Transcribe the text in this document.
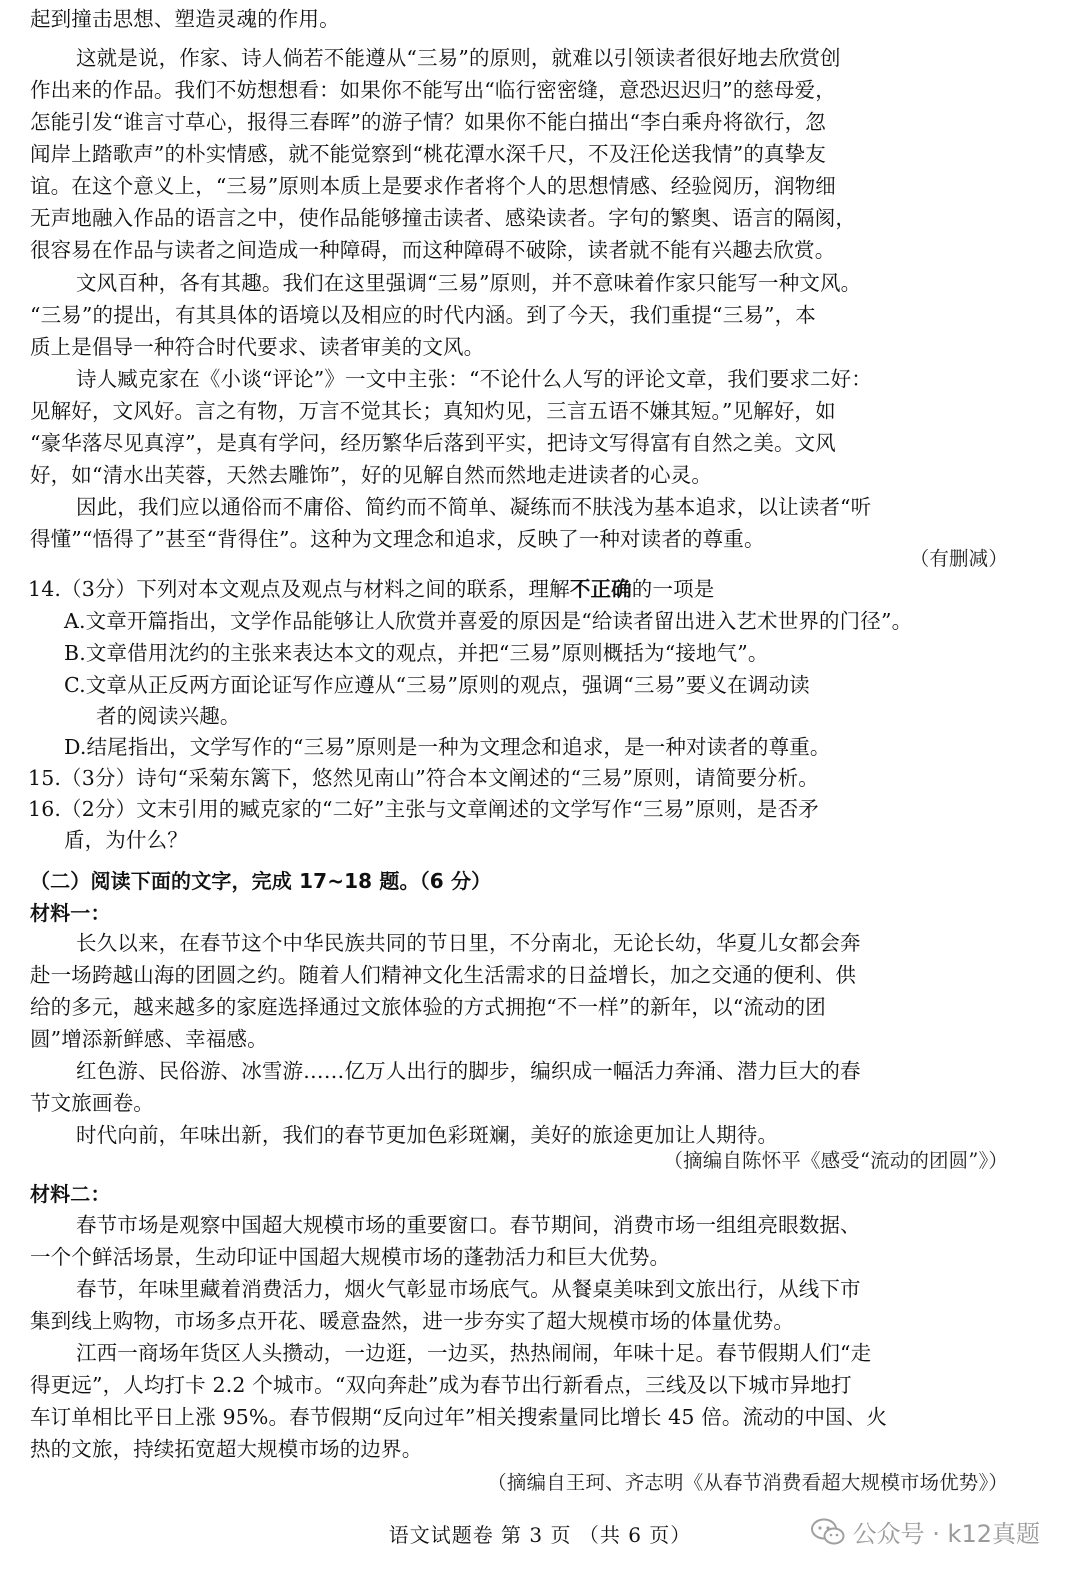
起到撞击思想、塑造灵魂的作用。

这就是说，作家、诗人倘若不能遵从“三易”的原则，就难以引领读者很好地去欣赏创

作出来的作品。我们不妨想想看：如果你不能写出“临行密密缝，意恐迟迟归”的慈母爱，

怎能引发“谁言寸草心，报得三春晖”的游子情？如果你不能白描出“李白乘舟将欲行，忽

闻岸上踏歌声”的朴实情感，就不能觉察到“桃花潭水深千尺，不及汪伦送我情”的真挚友

谊。在这个意义上，“三易”原则本质上是要求作者将个人的思想情感、经验阅历，润物细

无声地融入作品的语言之中，使作品能够撞击读者、感染读者。字句的繁奥、语言的隔阂，

很容易在作品与读者之间造成一种障碍，而这种障碍不破除，读者就不能有兴趣去欣赏。

文风百种，各有其趣。我们在这里强调“三易”原则，并不意味着作家只能写一种文风。

“三易”的提出，有其具体的语境以及相应的时代内涵。到了今天，我们重提“三易”，本

质上是倡导一种符合时代要求、读者审美的文风。

诗人臧克家在《小谈“评论”》一文中主张：“不论什么人写的评论文章，我们要求二好：

见解好，文风好。言之有物，万言不觉其长；真知灼见，三言五语不嫌其短。”见解好，如

“豪华落尽见真淳”，是真有学问，经历繁华后落到平实，把诗文写得富有自然之美。文风

好，如“清水出芙蓉，天然去雕饰”，好的见解自然而然地走进读者的心灵。

因此，我们应以通俗而不庸俗、简约而不简单、凝练而不肤浅为基本追求，以让读者“听

得懂”“悟得了”甚至“背得住”。这种为文理念和追求，反映了一种对读者的尊重。

（有删减）

14.（3分）下列对本文观点及观点与材料之间的联系，理解不正确的一项是

A.文章开篇指出，文学作品能够让人欣赏并喜爱的原因是“给读者留出进入艺术世界的门径”。

B.文章借用沈约的主张来表达本文的观点，并把“三易”原则概括为“接地气”。

C.文章从正反两方面论证写作应遵从“三易”原则的观点，强调“三易”要义在调动读

者的阅读兴趣。

D.结尾指出，文学写作的“三易”原则是一种为文理念和追求，是一种对读者的尊重。

15.（3分）诗句“采菊东篱下，悠然见南山”符合本文阐述的“三易”原则，请简要分析。

16.（2分）文末引用的臧克家的“二好”主张与文章阐述的文学写作“三易”原则，是否矛

盾，为什么？

（二）阅读下面的文字，完成 17~18 题。（6 分）

材料一：

长久以来，在春节这个中华民族共同的节日里，不分南北，无论长幼，华夏儿女都会奔

赴一场跨越山海的团圆之约。随着人们精神文化生活需求的日益增长，加之交通的便利、供

给的多元，越来越多的家庭选择通过文旅体验的方式拥抱“不一样”的新年，以“流动的团

圆”增添新鲜感、幸福感。

红色游、民俗游、冰雪游……亿万人出行的脚步，编织成一幅活力奔涌、潜力巨大的春

节文旅画卷。

时代向前，年味出新，我们的春节更加色彩斑斓，美好的旅途更加让人期待。

（摘编自陈怀平《感受“流动的团圆”》）

材料二：

春节市场是观察中国超大规模市场的重要窗口。春节期间，消费市场一组组亮眼数据、

一个个鲜活场景，生动印证中国超大规模市场的蓬勃活力和巨大优势。

春节，年味里藏着消费活力，烟火气彰显市场底气。从餐桌美味到文旅出行，从线下市

集到线上购物，市场多点开花、暖意盎然，进一步夯实了超大规模市场的体量优势。

江西一商场年货区人头攒动，一边逛，一边买，热热闹闹，年味十足。春节假期人们“走

得更远”，人均打卡 2.2 个城市。“双向奔赴”成为春节出行新看点，三线及以下城市异地打

车订单相比平日上涨 95%。春节假期“反向过年”相关搜索量同比增长 45 倍。流动的中国、火

热的文旅，持续拓宽超大规模市场的边界。

（摘编自王珂、齐志明《从春节消费看超大规模市场优势》）

语文试题卷 第 3 页 （共 6 页）	公众号 · k12真题
